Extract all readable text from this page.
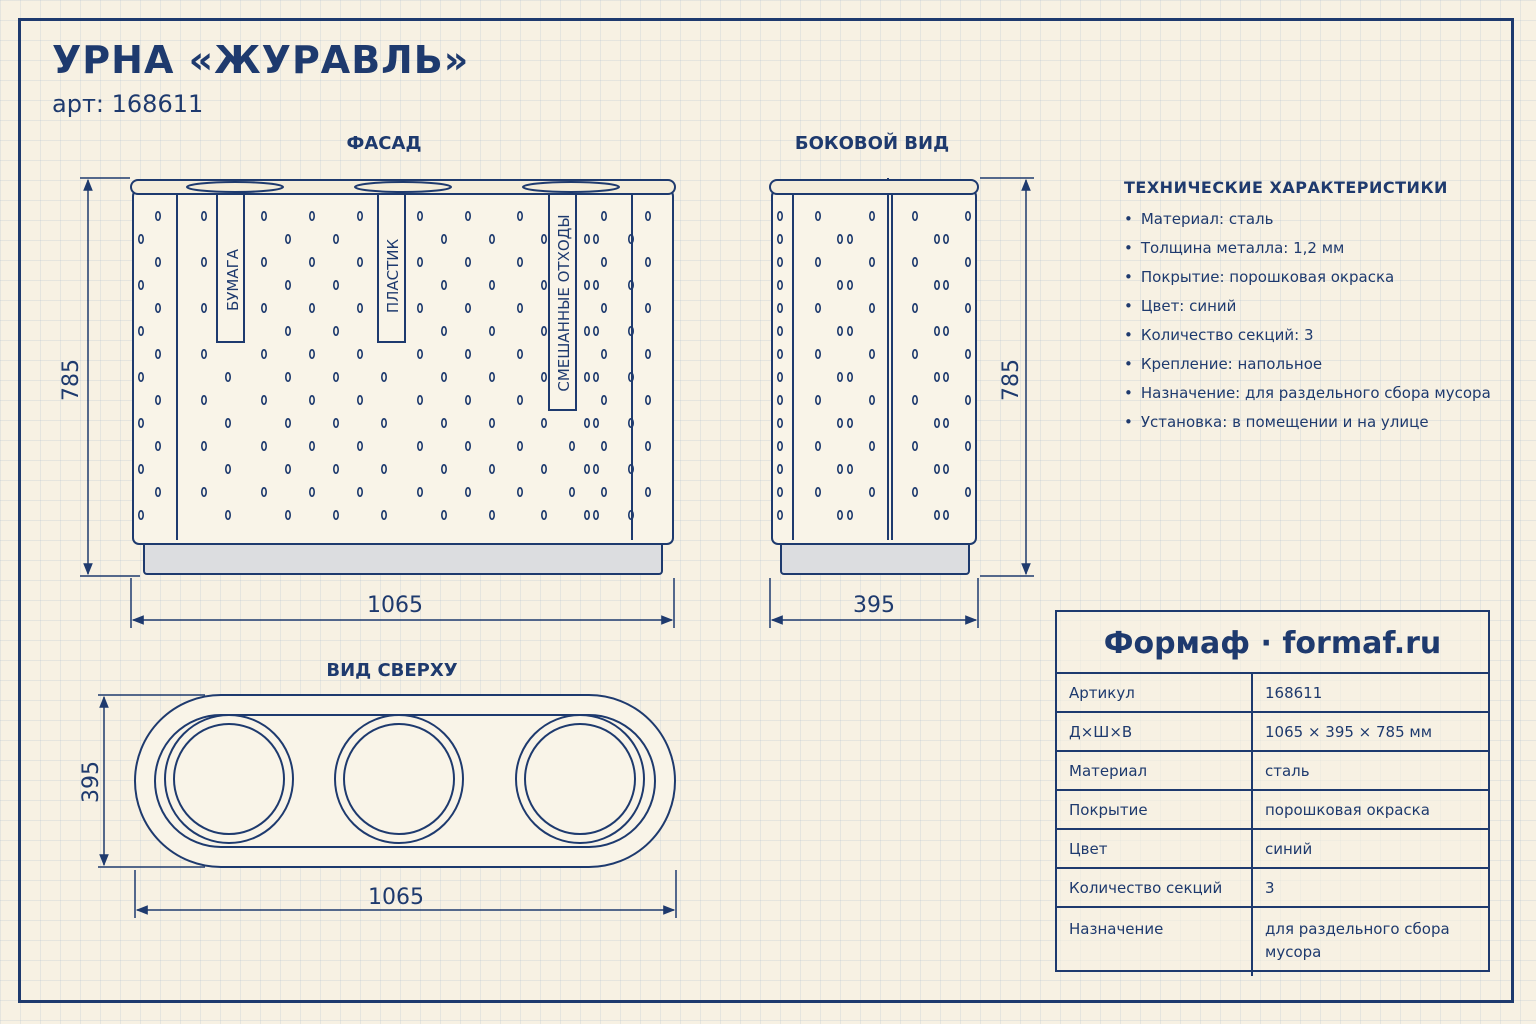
УРНА «ЖУРАВЛЬ»
арт: 168611
ФАСАД	БОКОВОЙ ВИД
ВИД СВЕРХУ
БУМАГА	ПЛАСТИК	СМЕШАННЫЕ ОТХОДЫ
785
1065
785
395
395
1065
ТЕХНИЧЕСКИЕ ХАРАКТЕРИСТИКИ
• Материал: сталь
• Толщина металла: 1,2 мм
• Покрытие: порошковая окраска
• Цвет: синий
• Количество секций: 3
• Крепление: напольное
• Назначение: для раздельного сбора мусора
• Установка: в помещении и на улице
Формаф · formaf.ru
Артикул	168611
Д×Ш×В	1065 × 395 × 785 мм
Материал	сталь
Покрытие	порошковая окраска
Цвет	синий
Количество секций	3
Назначение	для раздельного сбора мусора
